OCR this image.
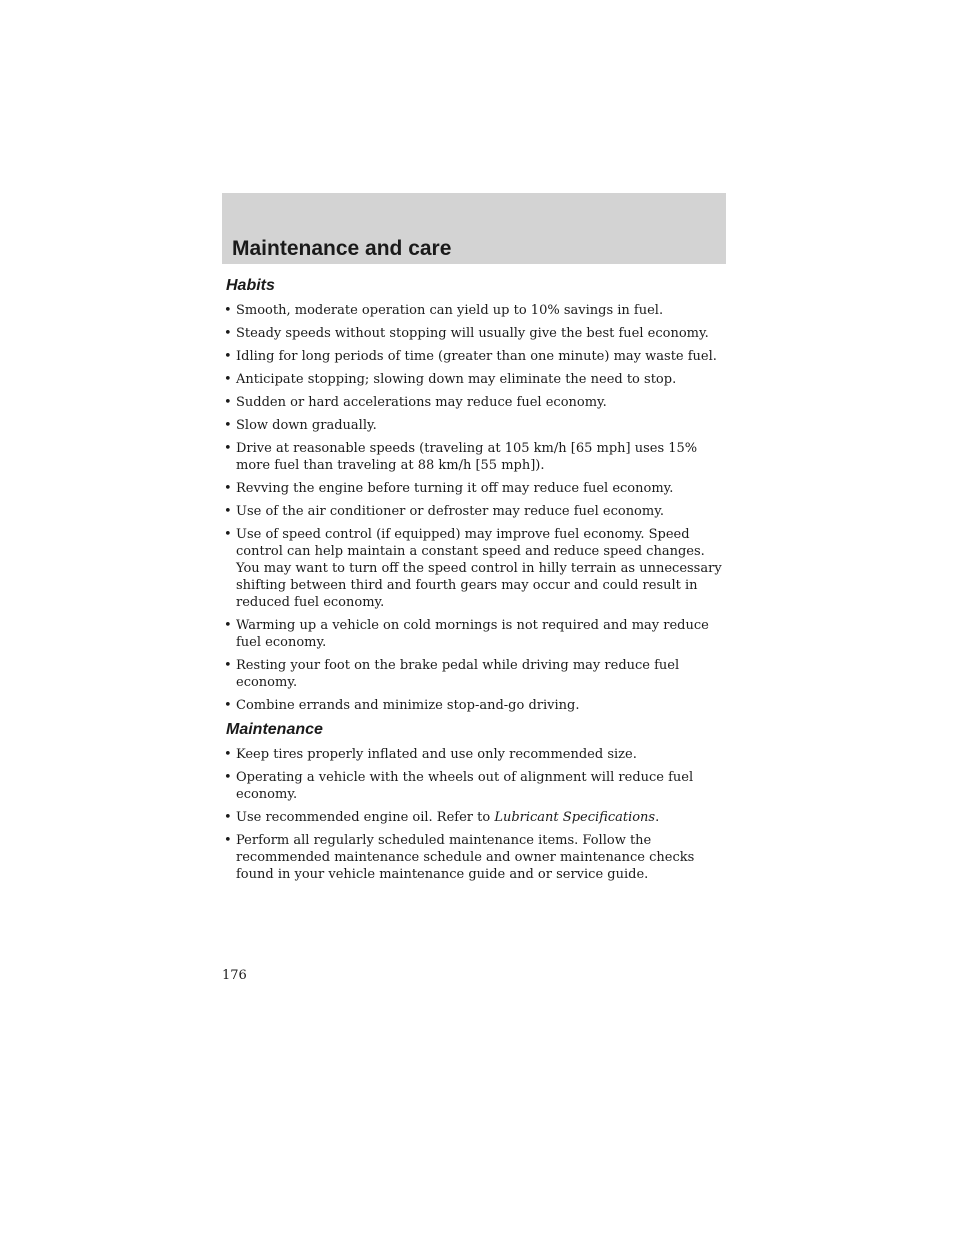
Maintenance and care
Habits
• Smooth, moderate operation can yield up to 10% savings in fuel.
• Steady speeds without stopping will usually give the best fuel economy.
• Idling for long periods of time (greater than one minute) may waste fuel.
• Anticipate stopping; slowing down may eliminate the need to stop.
• Sudden or hard accelerations may reduce fuel economy.
• Slow down gradually.
• Drive at reasonable speeds (traveling at 105 km/h [65 mph] uses 15% more fuel than traveling at 88 km/h [55 mph]).
• Revving the engine before turning it off may reduce fuel economy.
• Use of the air conditioner or defroster may reduce fuel economy.
• Use of speed control (if equipped) may improve fuel economy. Speed control can help maintain a constant speed and reduce speed changes. You may want to turn off the speed control in hilly terrain as unnecessary shifting between third and fourth gears may occur and could result in reduced fuel economy.
• Warming up a vehicle on cold mornings is not required and may reduce fuel economy.
• Resting your foot on the brake pedal while driving may reduce fuel economy.
• Combine errands and minimize stop-and-go driving.
Maintenance
• Keep tires properly inflated and use only recommended size.
• Operating a vehicle with the wheels out of alignment will reduce fuel economy.
• Use recommended engine oil. Refer to Lubricant Specifications.
• Perform all regularly scheduled maintenance items. Follow the recommended maintenance schedule and owner maintenance checks found in your vehicle maintenance guide and or service guide.
176
